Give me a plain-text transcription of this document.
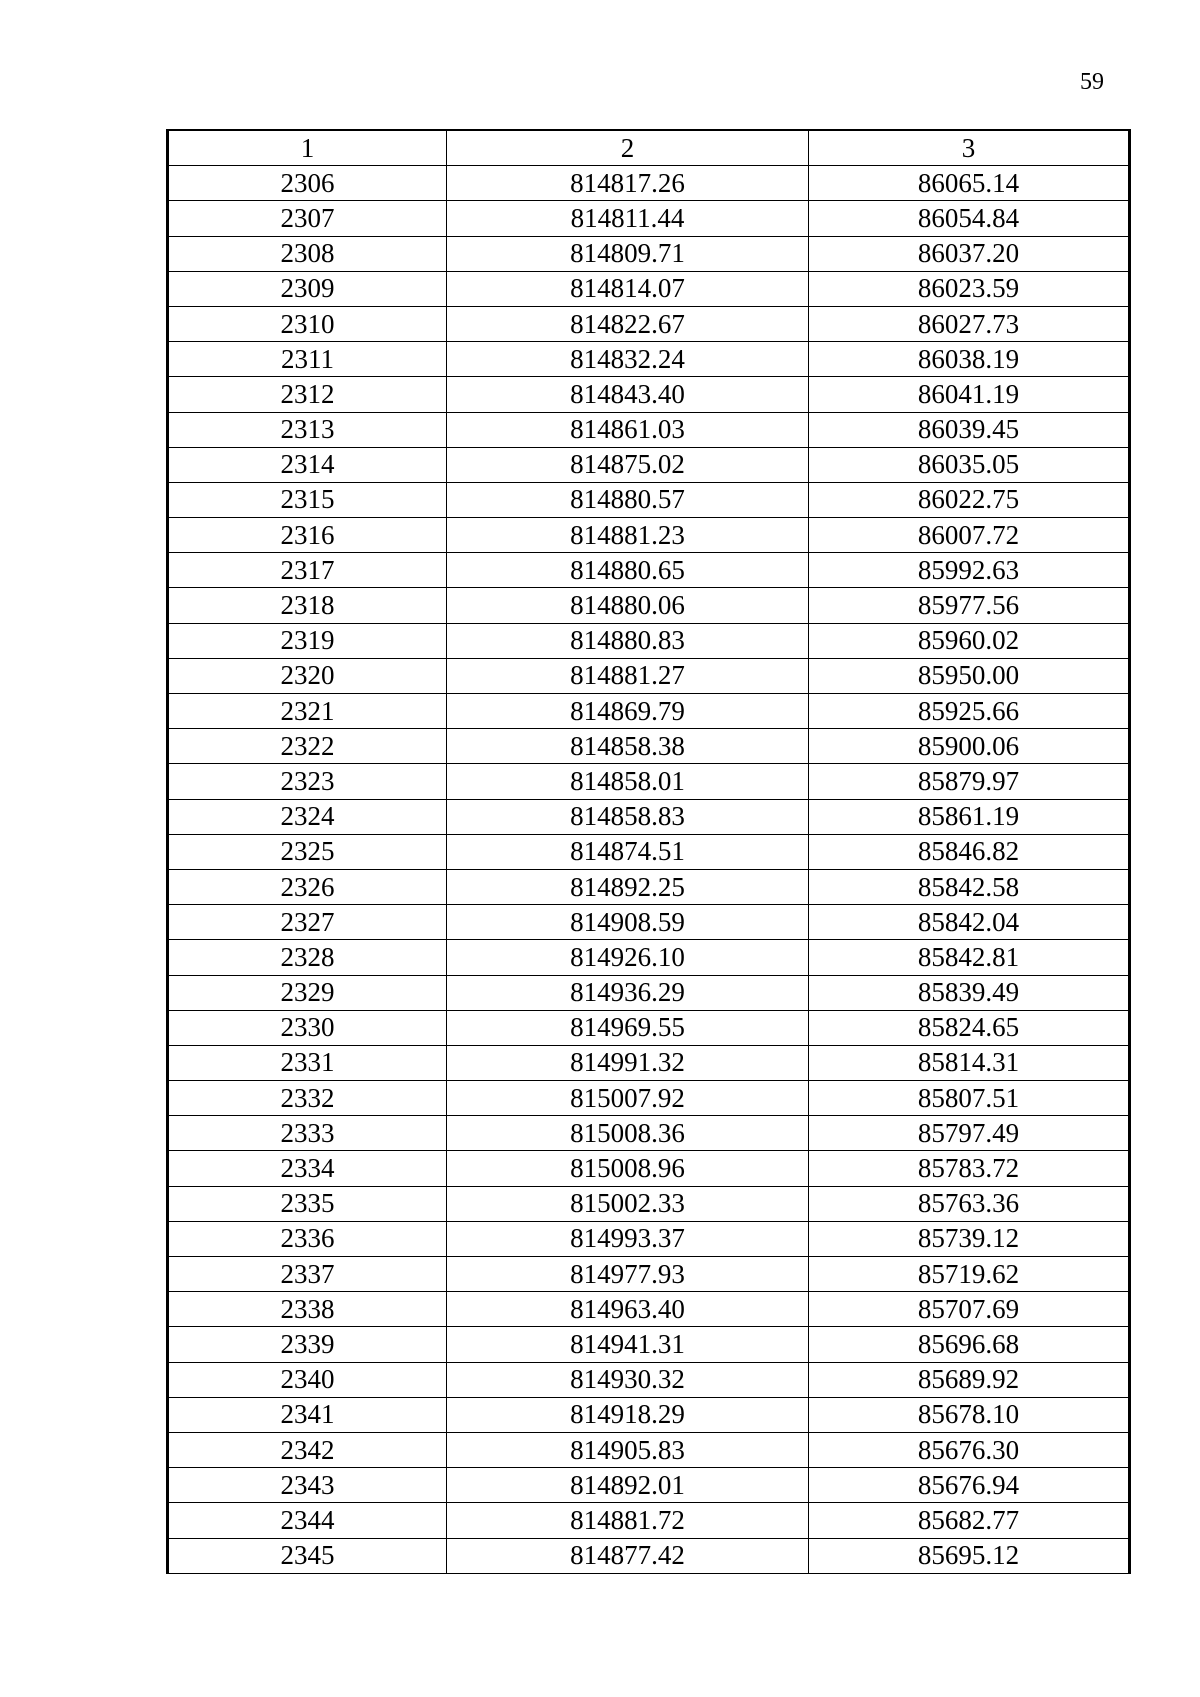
59
1	2	3
2306	814817.26	86065.14
2307	814811.44	86054.84
2308	814809.71	86037.20
2309	814814.07	86023.59
2310	814822.67	86027.73
2311	814832.24	86038.19
2312	814843.40	86041.19
2313	814861.03	86039.45
2314	814875.02	86035.05
2315	814880.57	86022.75
2316	814881.23	86007.72
2317	814880.65	85992.63
2318	814880.06	85977.56
2319	814880.83	85960.02
2320	814881.27	85950.00
2321	814869.79	85925.66
2322	814858.38	85900.06
2323	814858.01	85879.97
2324	814858.83	85861.19
2325	814874.51	85846.82
2326	814892.25	85842.58
2327	814908.59	85842.04
2328	814926.10	85842.81
2329	814936.29	85839.49
2330	814969.55	85824.65
2331	814991.32	85814.31
2332	815007.92	85807.51
2333	815008.36	85797.49
2334	815008.96	85783.72
2335	815002.33	85763.36
2336	814993.37	85739.12
2337	814977.93	85719.62
2338	814963.40	85707.69
2339	814941.31	85696.68
2340	814930.32	85689.92
2341	814918.29	85678.10
2342	814905.83	85676.30
2343	814892.01	85676.94
2344	814881.72	85682.77
2345	814877.42	85695.12
